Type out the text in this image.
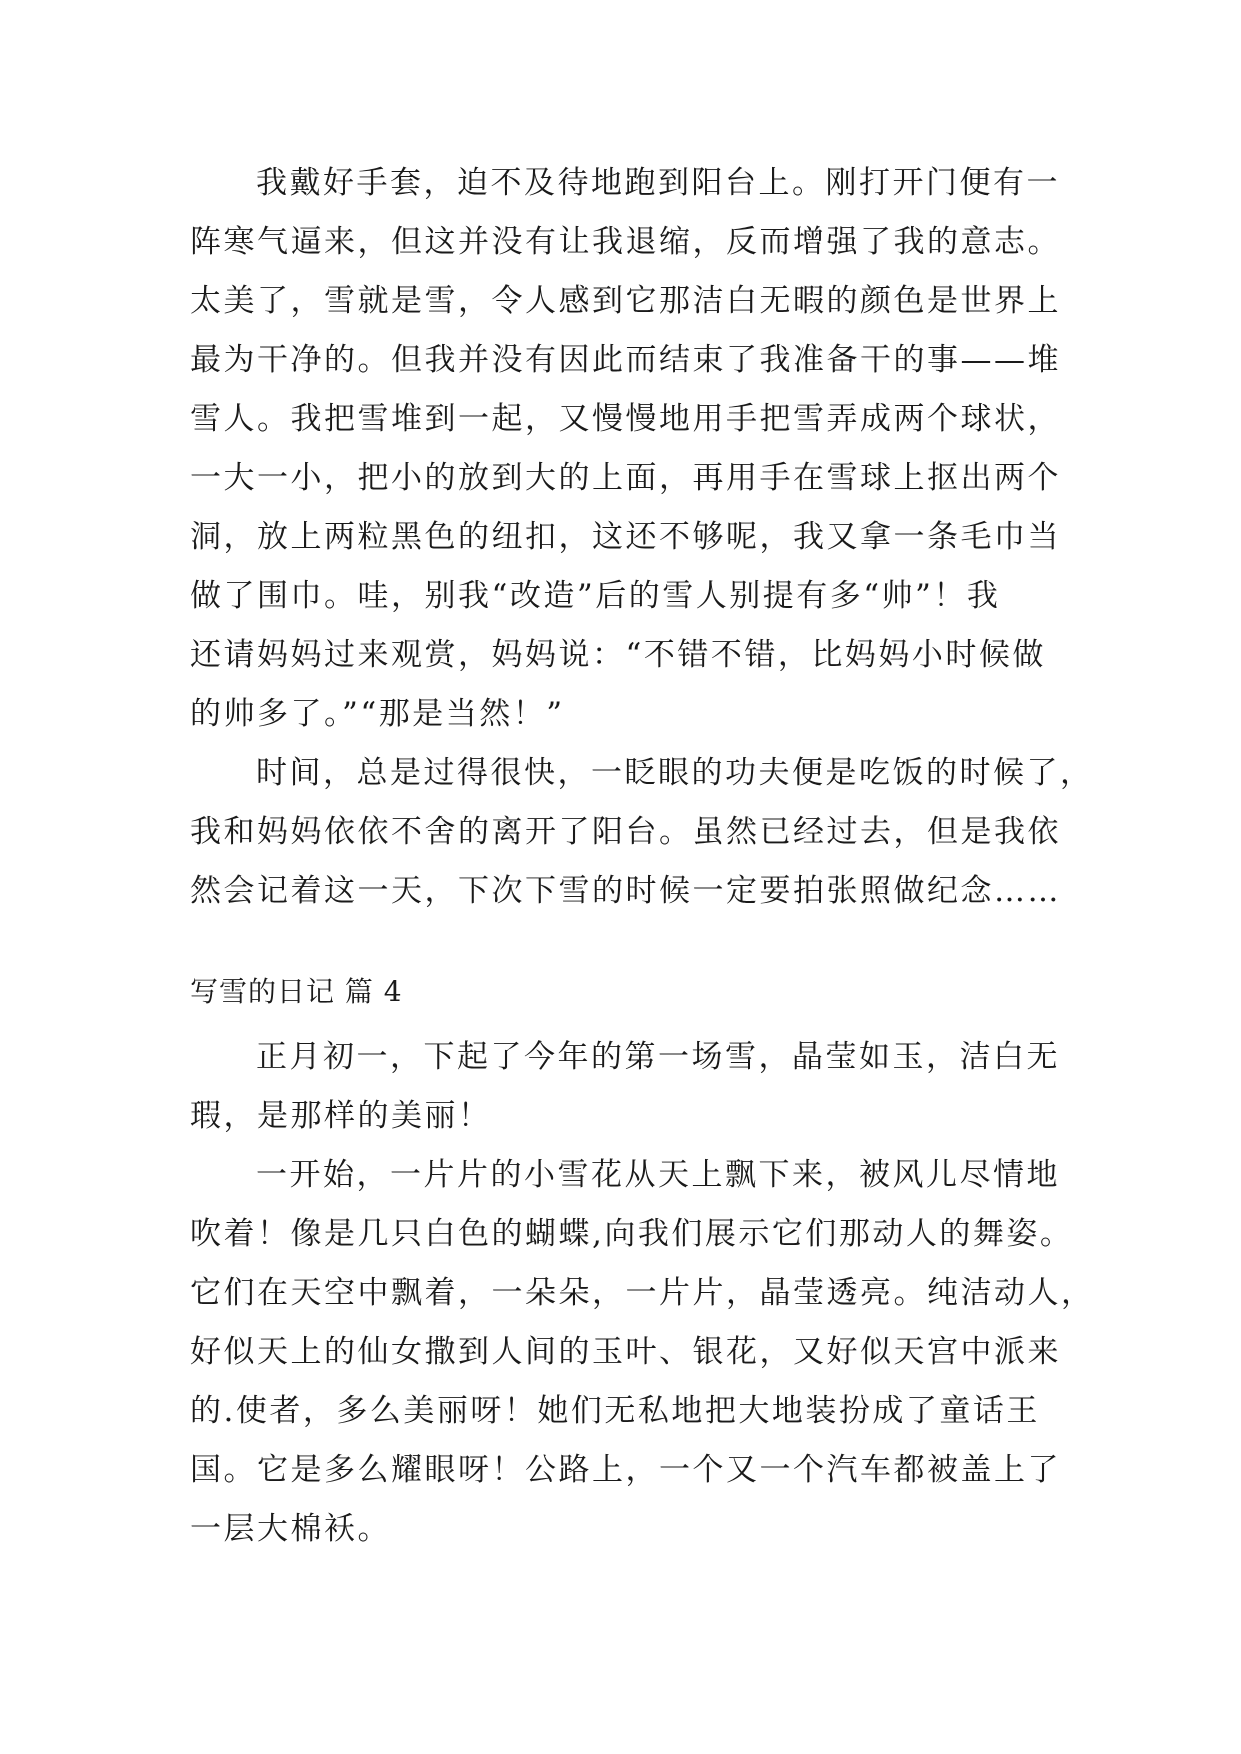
我戴好手套，迫不及待地跑到阳台上。刚打开门便有一
阵寒气逼来，但这并没有让我退缩，反而增强了我的意志。
太美了，雪就是雪，令人感到它那洁白无暇的颜色是世界上
最为干净的。但我并没有因此而结束了我准备干的事——堆
雪人。我把雪堆到一起，又慢慢地用手把雪弄成两个球状，
一大一小，把小的放到大的上面，再用手在雪球上抠出两个
洞，放上两粒黑色的纽扣，这还不够呢，我又拿一条毛巾当
做了围巾。哇，别我“改造”后的雪人别提有多“帅”！我
还请妈妈过来观赏，妈妈说：“不错不错，比妈妈小时候做
的帅多了。”“那是当然！”
时间，总是过得很快，一眨眼的功夫便是吃饭的时候了，
我和妈妈依依不舍的离开了阳台。虽然已经过去，但是我依
然会记着这一天，下次下雪的时候一定要拍张照做纪念……
写雪的日记 篇 4
正月初一，下起了今年的第一场雪，晶莹如玉，洁白无
瑕，是那样的美丽！
一开始，一片片的小雪花从天上飘下来，被风儿尽情地
吹着！像是几只白色的蝴蝶,向我们展示它们那动人的舞姿。
它们在天空中飘着，一朵朵，一片片，晶莹透亮。纯洁动人，
好似天上的仙女撒到人间的玉叶、银花，又好似天宫中派来
的.使者，多么美丽呀！她们无私地把大地装扮成了童话王
国。它是多么耀眼呀！公路上，一个又一个汽车都被盖上了
一层大棉袄。
